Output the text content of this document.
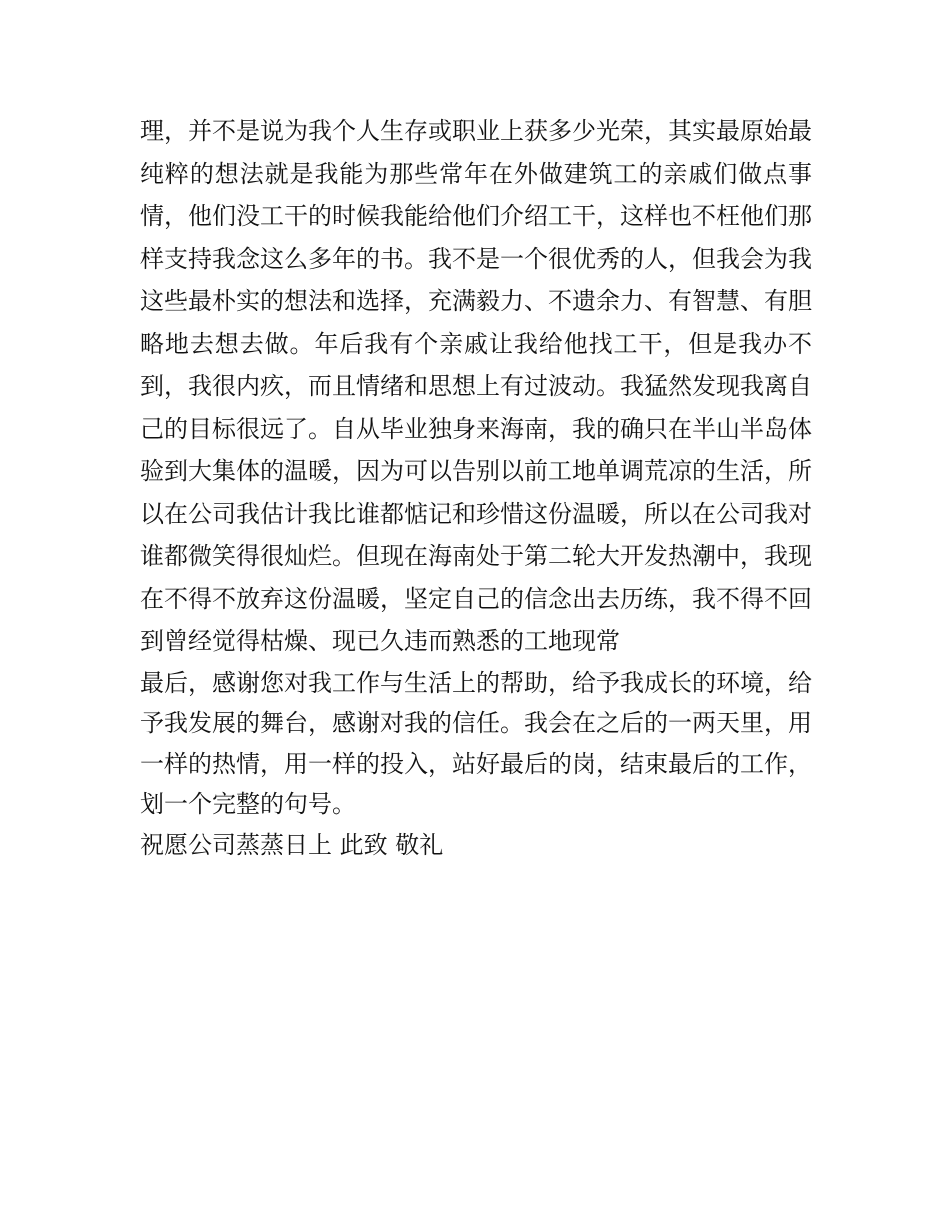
理，并不是说为我个人生存或职业上获多少光荣，其实最原始最纯粹的想法就是我能为那些常年在外做建筑工的亲戚们做点事情，他们没工干的时候我能给他们介绍工干，这样也不枉他们那样支持我念这么多年的书。我不是一个很优秀的人，但我会为我这些最朴实的想法和选择，充满毅力、不遗余力、有智慧、有胆略地去想去做。年后我有个亲戚让我给他找工干，但是我办不到，我很内疚，而且情绪和思想上有过波动。我猛然发现我离自己的目标很远了。自从毕业独身来海南，我的确只在半山半岛体验到大集体的温暖，因为可以告别以前工地单调荒凉的生活，所以在公司我估计我比谁都惦记和珍惜这份温暖，所以在公司我对谁都微笑得很灿烂。但现在海南处于第二轮大开发热潮中，我现在不得不放弃这份温暖，坚定自己的信念出去历练，我不得不回到曾经觉得枯燥、现已久违而熟悉的工地现常

最后，感谢您对我工作与生活上的帮助，给予我成长的环境，给予我发展的舞台，感谢对我的信任。我会在之后的一两天里，用一样的热情，用一样的投入，站好最后的岗，结束最后的工作，划一个完整的句号。

祝愿公司蒸蒸日上 此致 敬礼
